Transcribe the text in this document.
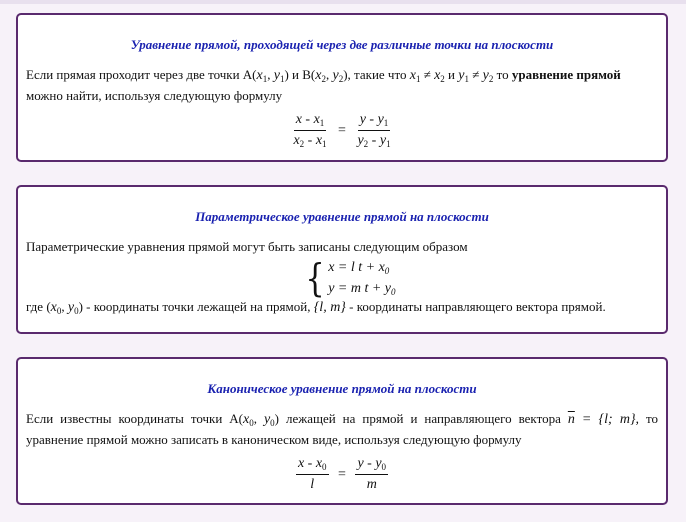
Уравнение прямой, проходящей через две различные точки на плоскости
Если прямая проходит через две точки $A(x_1$, $y_1$) и $B(x_2$, $y_2$), такие что $x_1 \ne x_2$ и $y_1 \ne y_2$ то уравнение прямой можно найти, используя следующую формулу
$\frac{x - x_1}{x_2 - x_1} = \frac{y - y_1}{y_2 - y_1}$
Параметрическое уравнение прямой на плоскости
Параметрические уравнения прямой могут быть записаны следующим образом
{ x = l $t + x_0$
y = m $t + y_0$
где ($x_0$, $y_0$) - координаты точки лежащей на прямой, {l, m} - координаты направляющего вектора прямой.
Каноническое уравнение прямой на плоскости
Если известны координаты точки $A(x_0$, $y_0$) лежащей на прямой и направляющего вектора $\overline{n} = \{l$; m}, то уравнение прямой можно записать в каноническом виде, используя следующую формулу
$\frac{x - x_0}{l} = \frac{y - y_0}{m}$
